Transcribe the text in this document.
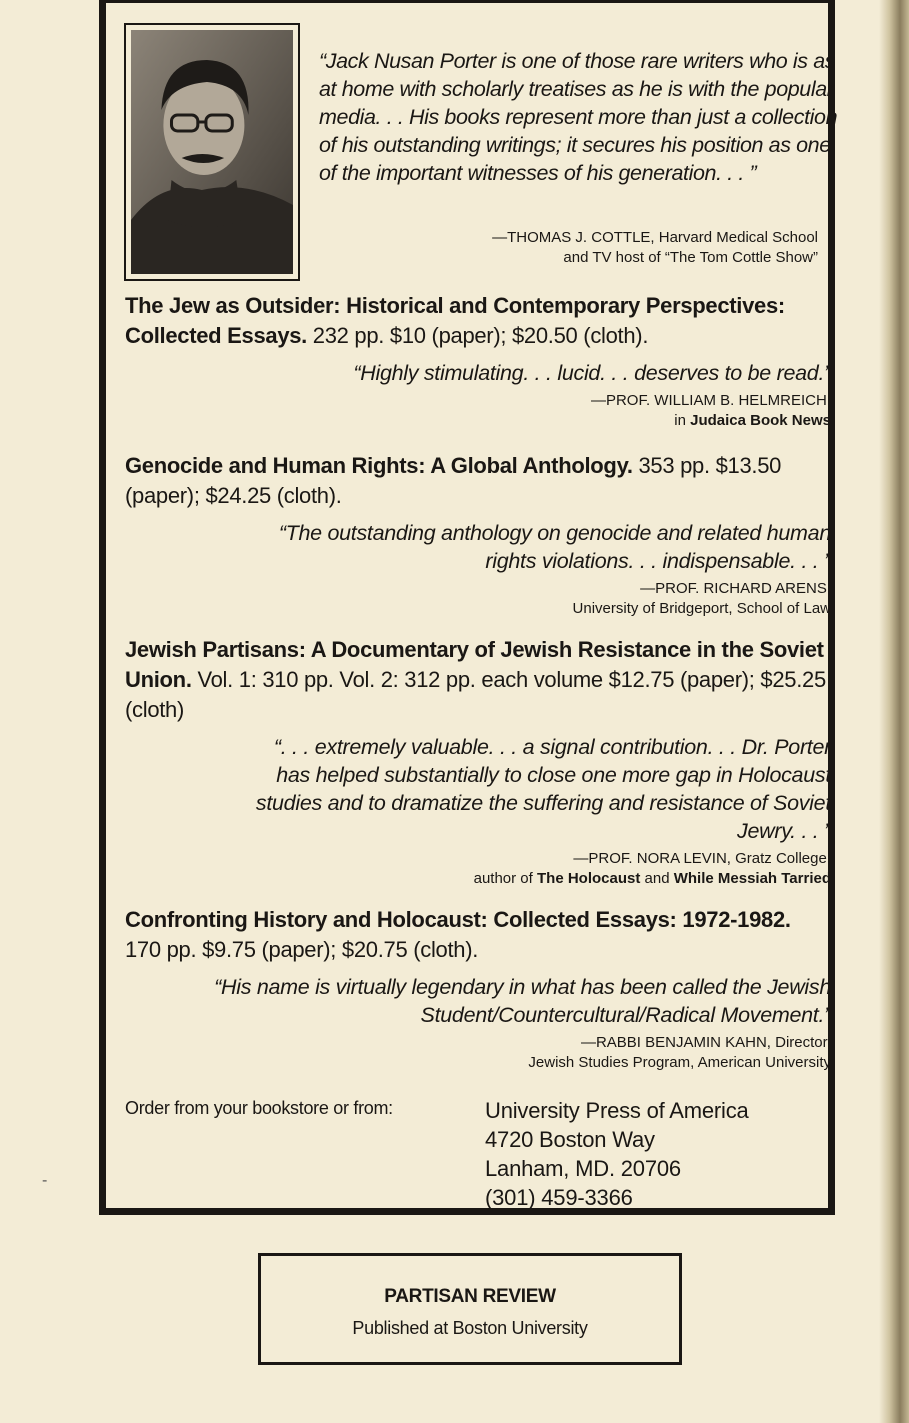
“Jack Nusan Porter is one of those rare writers who is as at home with scholarly treatises as he is with the popular media. . . His books represent more than just a collection of his outstanding writings; it secures his position as one of the important witnesses of his generation. . . ”
—THOMAS J. COTTLE, Harvard Medical School
and TV host of “The Tom Cottle Show”
The Jew as Outsider: Historical and Contemporary Perspectives: Collected Essays. 232 pp. $10 (paper); $20.50 (cloth).
“Highly stimulating. . . lucid. . . deserves to be read.”
—PROF. WILLIAM B. HELMREICH,
in Judaica Book News
Genocide and Human Rights: A Global Anthology. 353 pp. $13.50 (paper); $24.25 (cloth).
“The outstanding anthology on genocide and related human rights violations. . . indispensable. . . ”
—PROF. RICHARD ARENS,
University of Bridgeport, School of Law
Jewish Partisans: A Documentary of Jewish Resistance in the Soviet Union. Vol. 1: 310 pp. Vol. 2: 312 pp. each volume $12.75 (paper); $25.25 (cloth)
“. . . extremely valuable. . . a signal contribution. . . Dr. Porter has helped substantially to close one more gap in Holocaust studies and to dramatize the suffering and resistance of Soviet Jewry. . . ”
—PROF. NORA LEVIN, Gratz College,
author of The Holocaust and While Messiah Tarried
Confronting History and Holocaust: Collected Essays: 1972-1982. 170 pp. $9.75 (paper); $20.75 (cloth).
“His name is virtually legendary in what has been called the Jewish Student/Countercultural/Radical Movement.”
—RABBI BENJAMIN KAHN, Director,
Jewish Studies Program, American University
Order from your bookstore or from:	University Press of America
4720 Boston Way
Lanham, MD. 20706
(301) 459-3366
-
PARTISAN REVIEW
Published at Boston University
